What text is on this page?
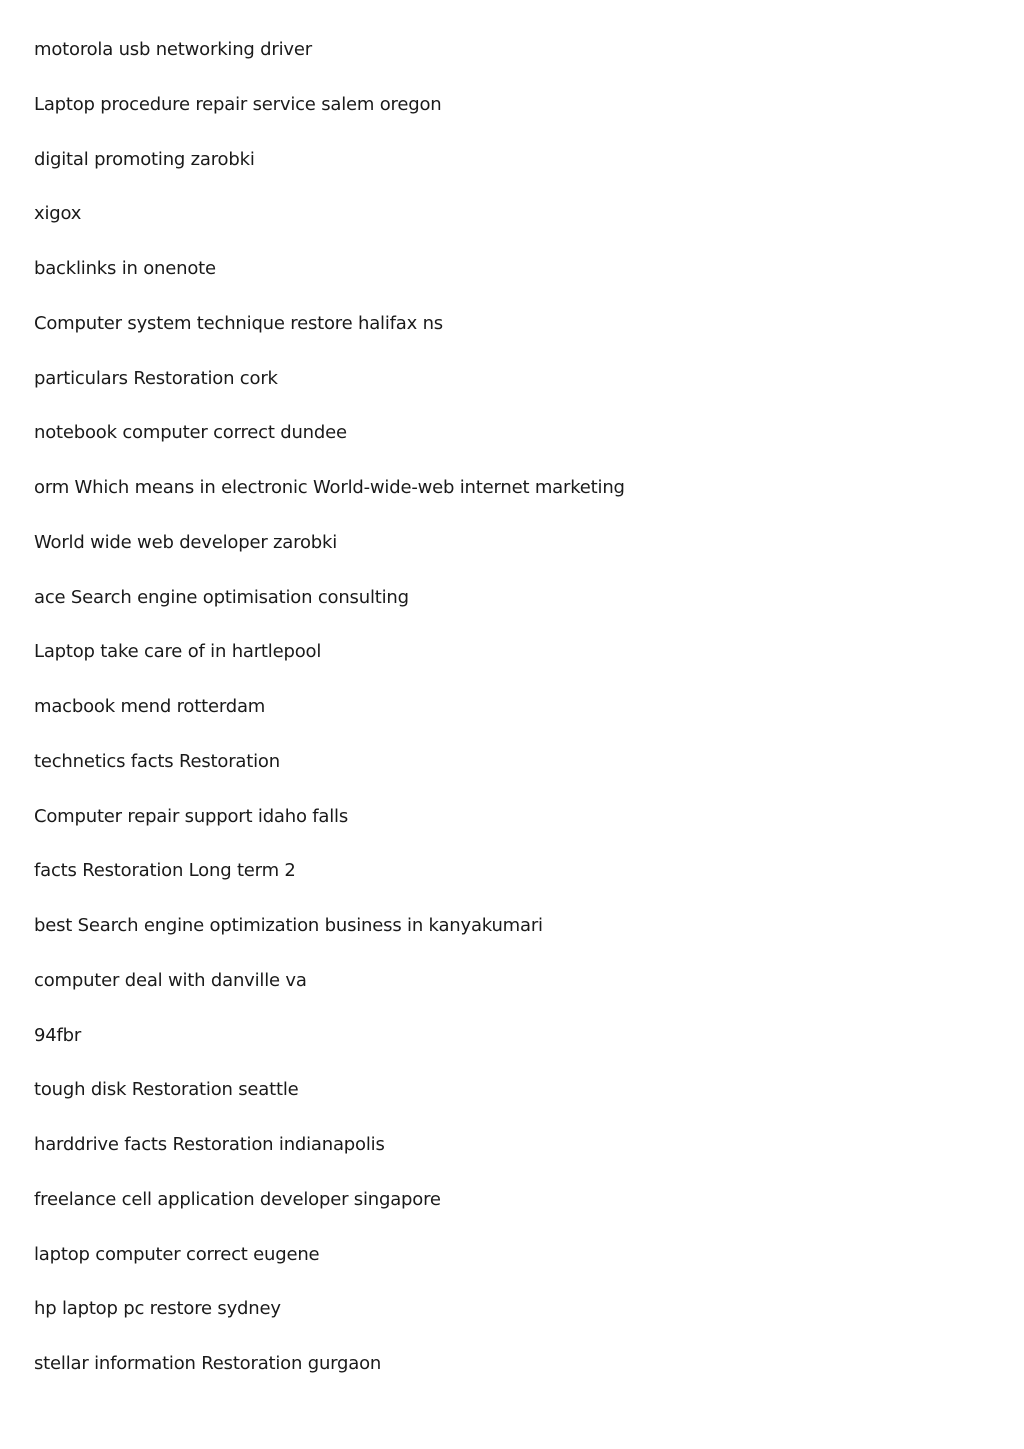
motorola usb networking driver
Laptop procedure repair service salem oregon
digital promoting zarobki
xigox
backlinks in onenote
Computer system technique restore halifax ns
particulars Restoration cork
notebook computer correct dundee
orm Which means in electronic World-wide-web internet marketing
World wide web developer zarobki
ace Search engine optimisation consulting
Laptop take care of in hartlepool
macbook mend rotterdam
technetics facts Restoration
Computer repair support idaho falls
facts Restoration Long term 2
best Search engine optimization business in kanyakumari
computer deal with danville va
94fbr
tough disk Restoration seattle
harddrive facts Restoration indianapolis
freelance cell application developer singapore
laptop computer correct eugene
hp laptop pc restore sydney
stellar information Restoration gurgaon
